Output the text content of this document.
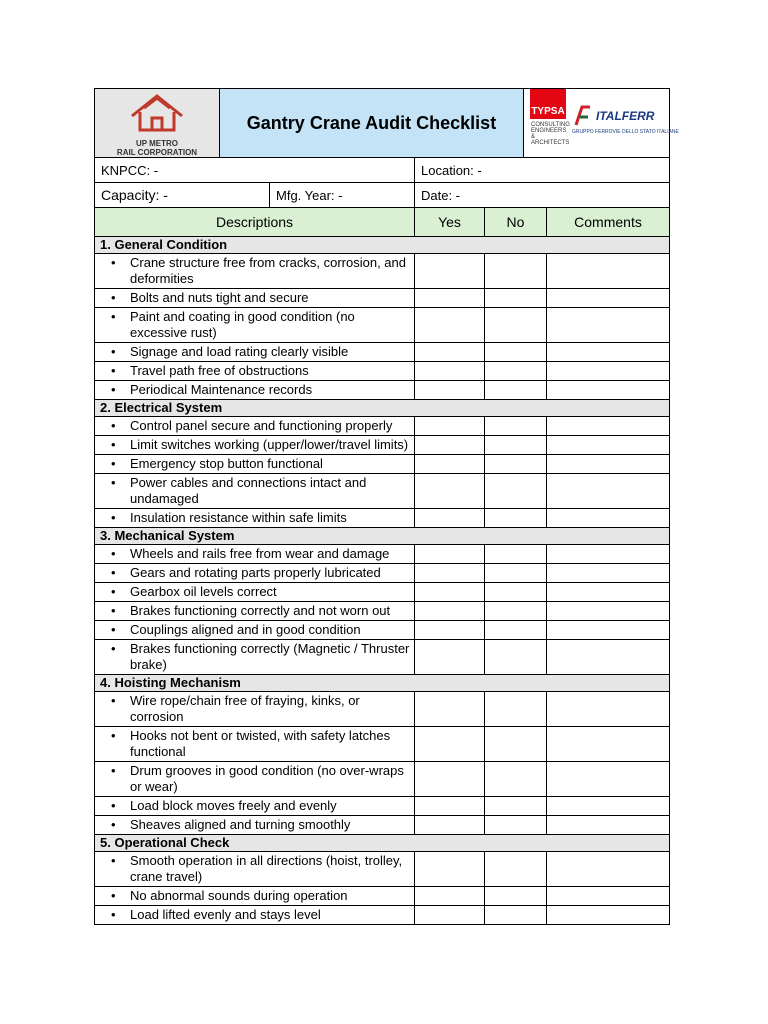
UP METRO
RAIL CORPORATION
	Gantry Crane Audit Checklist	
TYPSA
CONSULTING
ENGINEERS
& ARCHITECTS
ITALFERR
GRUPPO FERROVIE DELLO STATO ITALIANE
KNPCC: -		Location: -		
Capacity: -	Mfg. Year: -	Date: -		
Descriptions		Yes	No	Comments
1. General Condition				
• Crane structure free from cracks, corrosion, and deformities			
• Bolts and nuts tight and secure			
• Paint and coating in good condition (no excessive rust)			
• Signage and load rating clearly visible			
• Travel path free of obstructions			
• Periodical Maintenance records			
2. Electrical System				
• Control panel secure and functioning properly			
• Limit switches working (upper/lower/travel limits)			
• Emergency stop button functional			
• Power cables and connections intact and undamaged			
• Insulation resistance within safe limits			
3. Mechanical System				
• Wheels and rails free from wear and damage			
• Gears and rotating parts properly lubricated			
• Gearbox oil levels correct			
• Brakes functioning correctly and not worn out			
• Couplings aligned and in good condition			
• Brakes functioning correctly (Magnetic / Thruster brake)			
4. Hoisting Mechanism				
• Wire rope/chain free of fraying, kinks, or corrosion			
• Hooks not bent or twisted, with safety latches functional			
• Drum grooves in good condition (no over-wraps or wear)			
• Load block moves freely and evenly			
• Sheaves aligned and turning smoothly			
5. Operational Check				
• Smooth operation in all directions (hoist, trolley, crane travel)			
• No abnormal sounds during operation			
• Load lifted evenly and stays level			
